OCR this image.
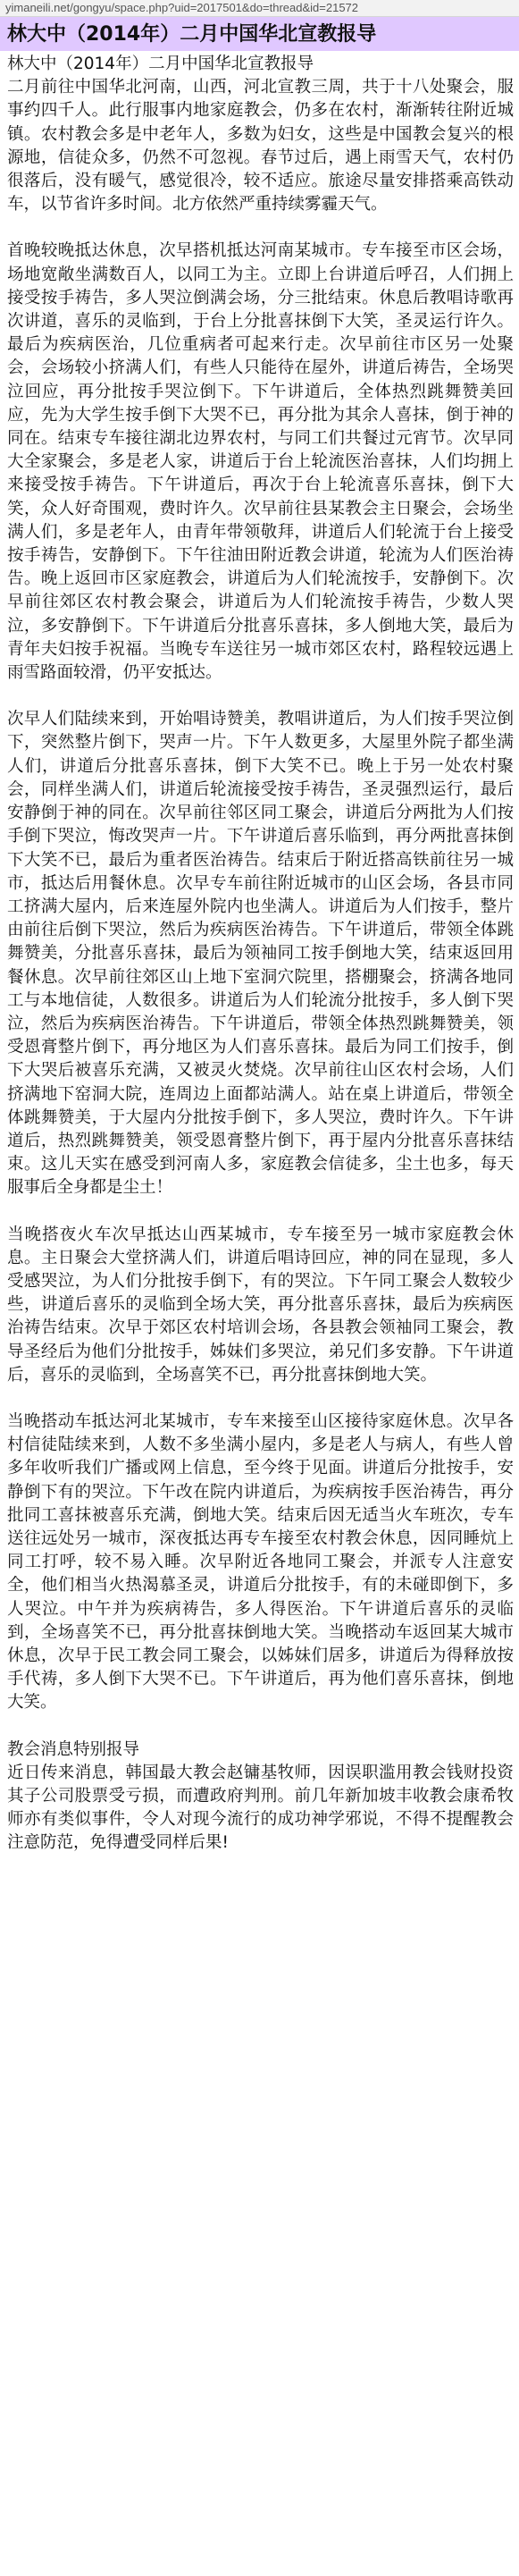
yimaneili.net/gongyu/space.php?uid=2017501&do=thread&id=21572
林大中（2014年）二月中国华北宣教报导

林大中（2014年）二月中国华北宣教报导

二月前往中国华北河南，山西，河北宣教三周，共于十八处聚会，服事约四千人。此行服事内地家庭教会，仍多在农村，渐渐转往附近城镇。农村教会多是中老年人，多数为妇女，这些是中国教会复兴的根源地，信徒众多，仍然不可忽视。春节过后，遇上雨雪天气，农村仍很落后，没有暖气，感觉很冷，较不适应。旅途尽量安排搭乘高铁动车，以节省许多时间。北方依然严重持续雾霾天气。

首晚较晚抵达休息，次早搭机抵达河南某城市。专车接至市区会场，场地宽敞坐满数百人，以同工为主。立即上台讲道后呼召，人们拥上接受按手祷告，多人哭泣倒满会场，分三批结束。休息后教唱诗歌再次讲道，喜乐的灵临到，于台上分批喜抹倒下大笑，圣灵运行许久。最后为疾病医治，几位重病者可起来行走。次早前往市区另一处聚会，会场较小挤满人们，有些人只能待在屋外，讲道后祷告，全场哭泣回应，再分批按手哭泣倒下。下午讲道后，全体热烈跳舞赞美回应，先为大学生按手倒下大哭不已，再分批为其余人喜抹，倒于神的同在。结束专车接往湖北边界农村，与同工们共餐过元宵节。次早同大全家聚会，多是老人家，讲道后于台上轮流医治喜抹，人们均拥上来接受按手祷告。下午讲道后，再次于台上轮流喜乐喜抹，倒下大笑，众人好奇围观，费时许久。次早前往县某教会主日聚会，会场坐满人们，多是老年人，由青年带领敬拜，讲道后人们轮流于台上接受按手祷告，安静倒下。下午往油田附近教会讲道，轮流为人们医治祷告。晚上返回市区家庭教会，讲道后为人们轮流按手，安静倒下。次早前往郊区农村教会聚会，讲道后为人们轮流按手祷告，少数人哭泣，多安静倒下。下午讲道后分批喜乐喜抹，多人倒地大笑，最后为青年夫妇按手祝福。当晚专车送往另一城市郊区农村，路程较远遇上雨雪路面较滑，仍平安抵达。

次早人们陆续来到，开始唱诗赞美，教唱讲道后，为人们按手哭泣倒下，突然整片倒下，哭声一片。下午人数更多，大屋里外院子都坐满人们，讲道后分批喜乐喜抹，倒下大笑不已。晚上于另一处农村聚会，同样坐满人们，讲道后轮流接受按手祷告，圣灵强烈运行，最后安静倒于神的同在。次早前往邻区同工聚会，讲道后分两批为人们按手倒下哭泣，悔改哭声一片。下午讲道后喜乐临到，再分两批喜抹倒下大笑不已，最后为重者医治祷告。结束后于附近搭高铁前往另一城市，抵达后用餐休息。次早专车前往附近城市的山区会场，各县市同工挤满大屋内，后来连屋外院内也坐满人。讲道后为人们按手，整片由前往后倒下哭泣，然后为疾病医治祷告。下午讲道后，带领全体跳舞赞美，分批喜乐喜抹，最后为领袖同工按手倒地大笑，结束返回用餐休息。次早前往郊区山上地下室洞穴院里，搭棚聚会，挤满各地同工与本地信徒，人数很多。讲道后为人们轮流分批按手，多人倒下哭泣，然后为疾病医治祷告。下午讲道后，带领全体热烈跳舞赞美，领受恩膏整片倒下，再分地区为人们喜乐喜抹。最后为同工们按手，倒下大哭后被喜乐充满，又被灵火焚烧。次早前往山区农村会场，人们挤满地下窑洞大院，连周边上面都站满人。站在桌上讲道后，带领全体跳舞赞美，于大屋内分批按手倒下，多人哭泣，费时许久。下午讲道后，热烈跳舞赞美，领受恩膏整片倒下，再于屋内分批喜乐喜抹结束。这儿天实在感受到河南人多，家庭教会信徒多，尘土也多，每天服事后全身都是尘土！

当晚搭夜火车次早抵达山西某城市，专车接至另一城市家庭教会休息。主日聚会大堂挤满人们，讲道后唱诗回应，神的同在显现，多人受感哭泣，为人们分批按手倒下，有的哭泣。下午同工聚会人数较少些，讲道后喜乐的灵临到全场大笑，再分批喜乐喜抹，最后为疾病医治祷告结束。次早于郊区农村培训会场，各县教会领袖同工聚会，教导圣经后为他们分批按手，姊妹们多哭泣，弟兄们多安静。下午讲道后，喜乐的灵临到，全场喜笑不已，再分批喜抹倒地大笑。

当晚搭动车抵达河北某城市，专车来接至山区接待家庭休息。次早各村信徒陆续来到，人数不多坐满小屋内，多是老人与病人，有些人曾多年收听我们广播或网上信息，至今终于见面。讲道后分批按手，安静倒下有的哭泣。下午改在院内讲道后，为疾病按手医治祷告，再分批同工喜抹被喜乐充满，倒地大笑。结束后因无适当火车班次，专车送往远处另一城市，深夜抵达再专车接至农村教会休息，因同睡炕上同工打呼，较不易入睡。次早附近各地同工聚会，并派专人注意安全，他们相当火热渴慕圣灵，讲道后分批按手，有的未碰即倒下，多人哭泣。中午并为疾病祷告，多人得医治。下午讲道后喜乐的灵临到，全场喜笑不已，再分批喜抹倒地大笑。当晚搭动车返回某大城市休息，次早于民工教会同工聚会，以姊妹们居多，讲道后为得释放按手代祷，多人倒下大哭不已。下午讲道后，再为他们喜乐喜抹，倒地大笑。

教会消息特别报导

近日传来消息，韩国最大教会赵镛基牧师，因误职滥用教会钱财投资其子公司股票受亏损，而遭政府判刑。前几年新加坡丰收教会康希牧师亦有类似事件，令人对现今流行的成功神学邪说，不得不提醒教会注意防范，免得遭受同样后果!
